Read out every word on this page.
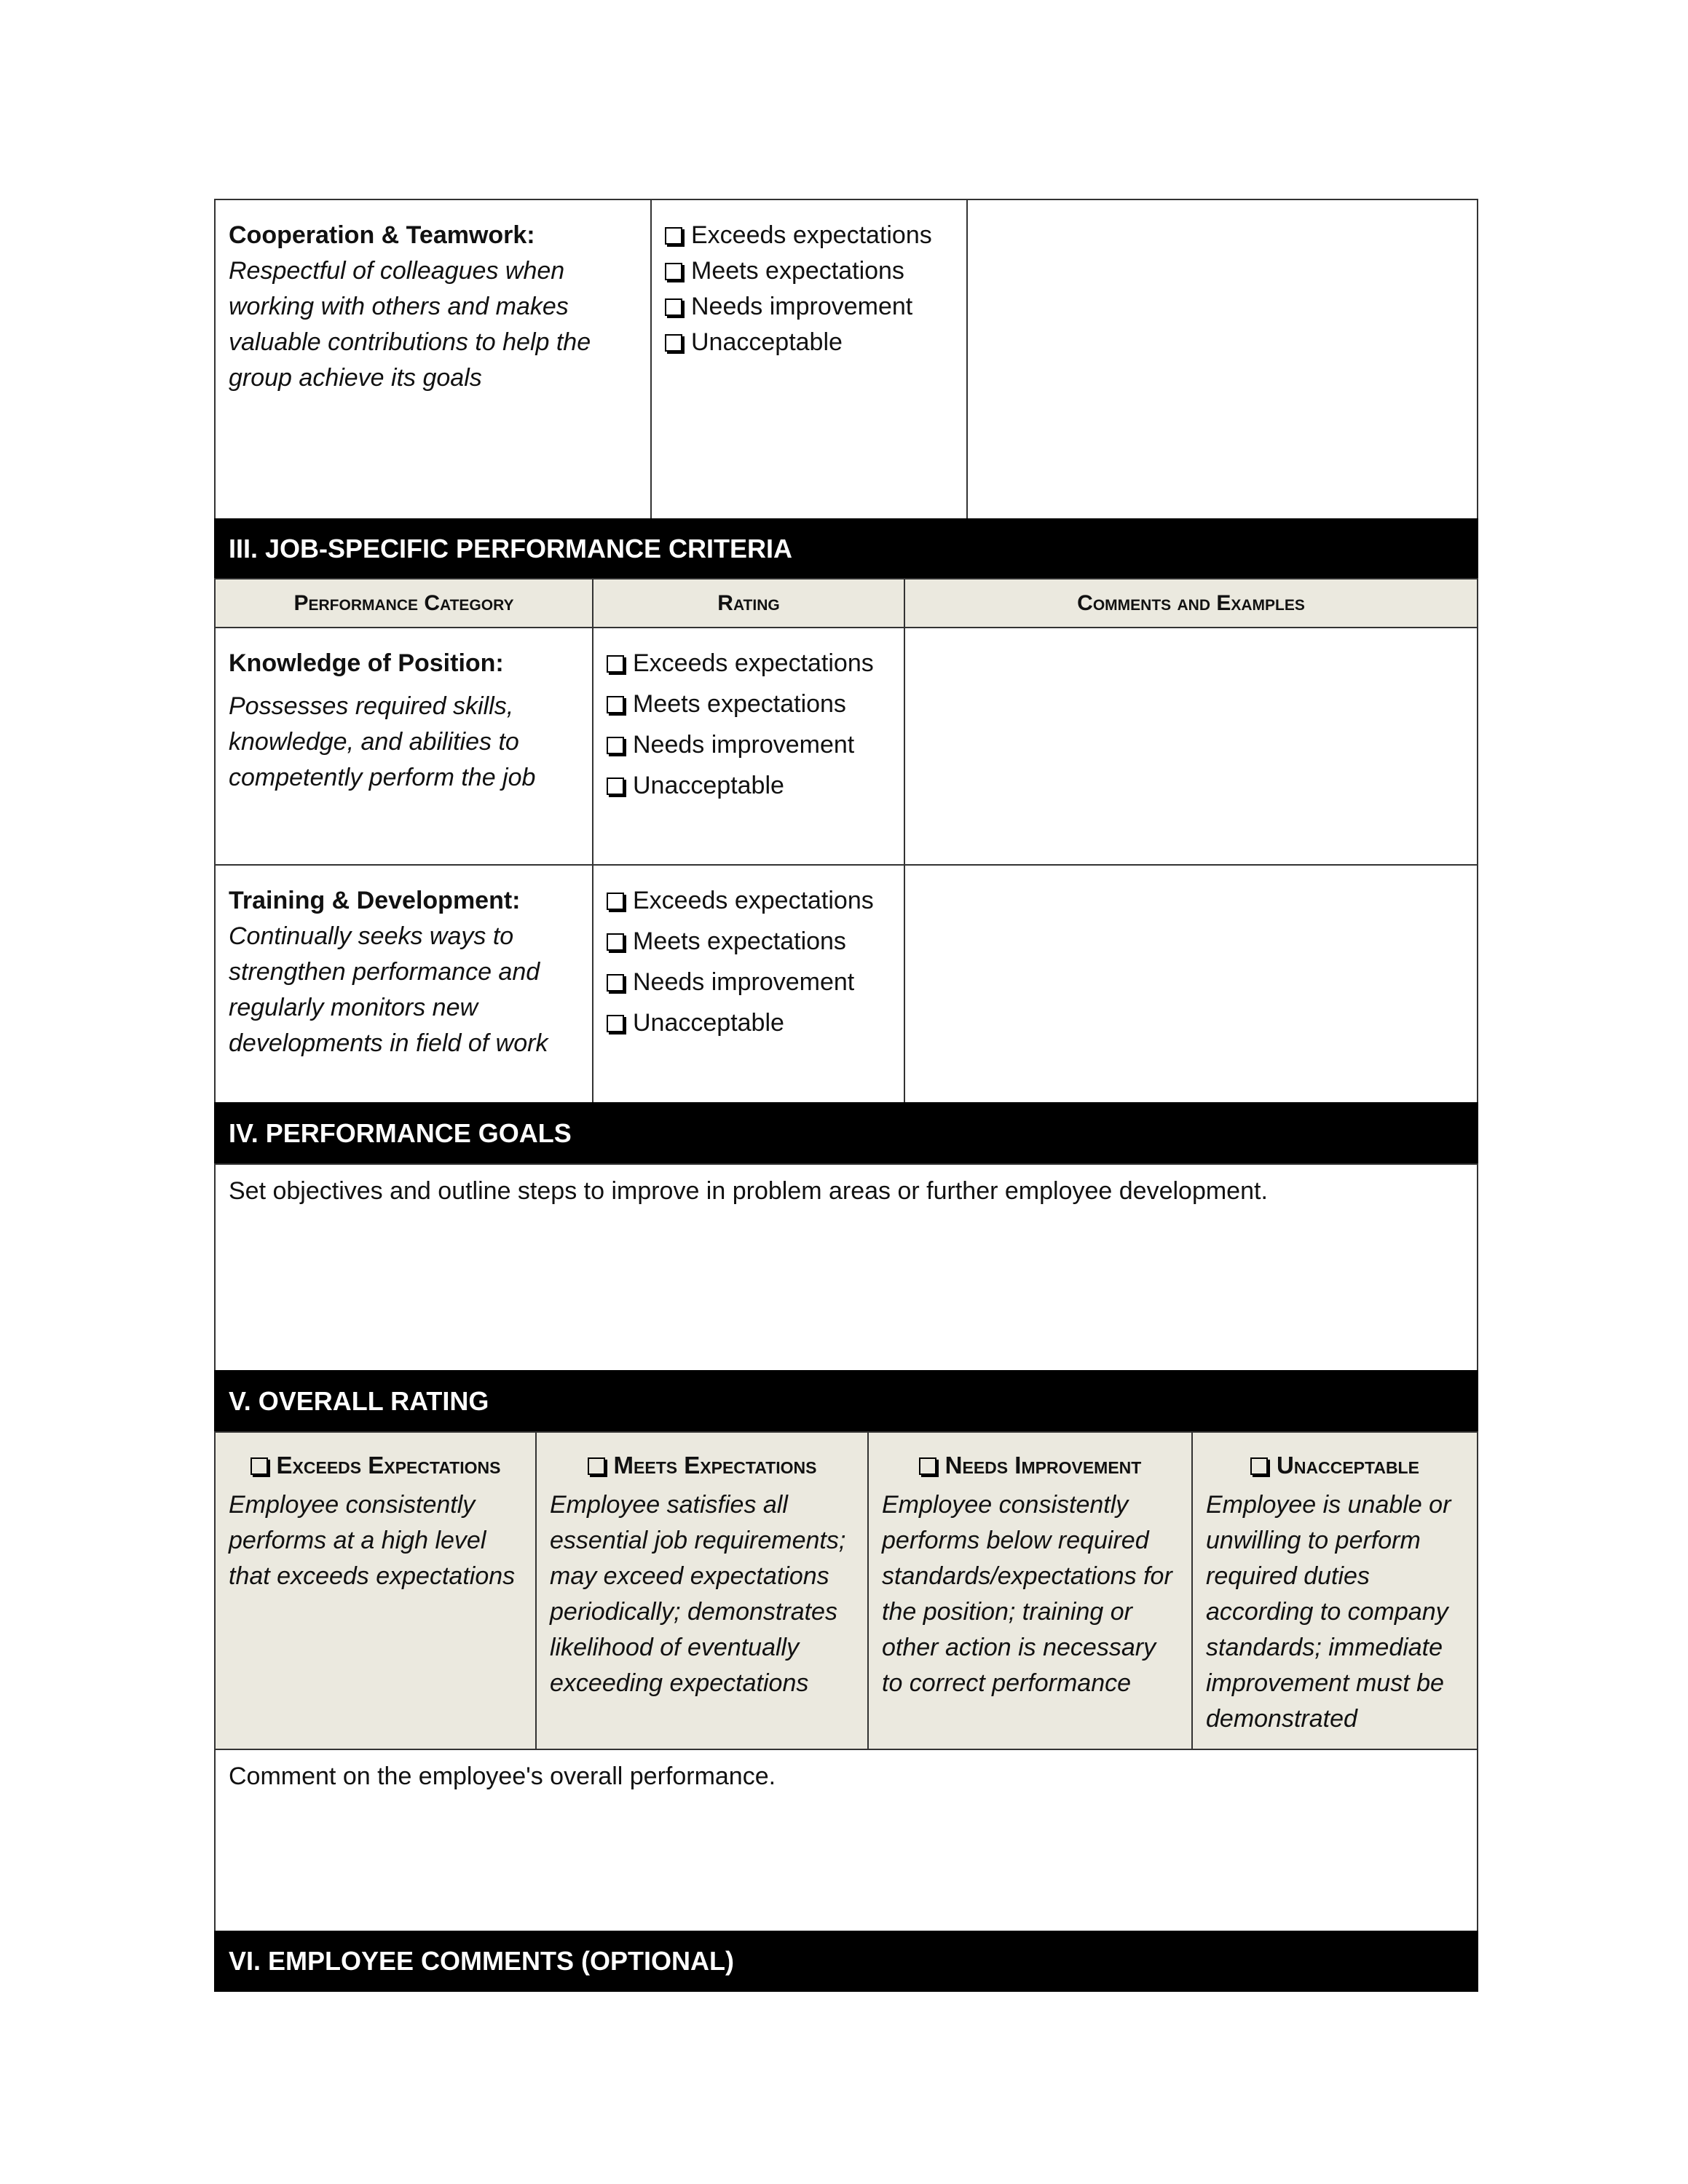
Cooperation & Teamwork:
Respectful of colleagues when working with others and makes valuable contributions to help the group achieve its goals
Exceeds expectations
Meets expectations
Needs improvement
Unacceptable
III. JOB-SPECIFIC PERFORMANCE CRITERIA
Performance Category	Rating	Comments and Examples
Knowledge of Position:
Possesses required skills, knowledge, and abilities to competently perform the job
Exceeds expectations
Meets expectations
Needs improvement
Unacceptable
Training & Development:
Continually seeks ways to strengthen performance and regularly monitors new developments in field of work
Exceeds expectations
Meets expectations
Needs improvement
Unacceptable
IV. PERFORMANCE GOALS
Set objectives and outline steps to improve in problem areas or further employee development.
V. OVERALL RATING
Exceeds Expectations
Employee consistently performs at a high level that exceeds expectations
Meets Expectations
Employee satisfies all essential job requirements; may exceed expectations periodically; demonstrates likelihood of eventually exceeding expectations
Needs Improvement
Employee consistently performs below required standards/expectations for the position; training or other action is necessary to correct performance
Unacceptable
Employee is unable or unwilling to perform required duties according to company standards; immediate improvement must be demonstrated
Comment on the employee's overall performance.
VI. EMPLOYEE COMMENTS (OPTIONAL)
